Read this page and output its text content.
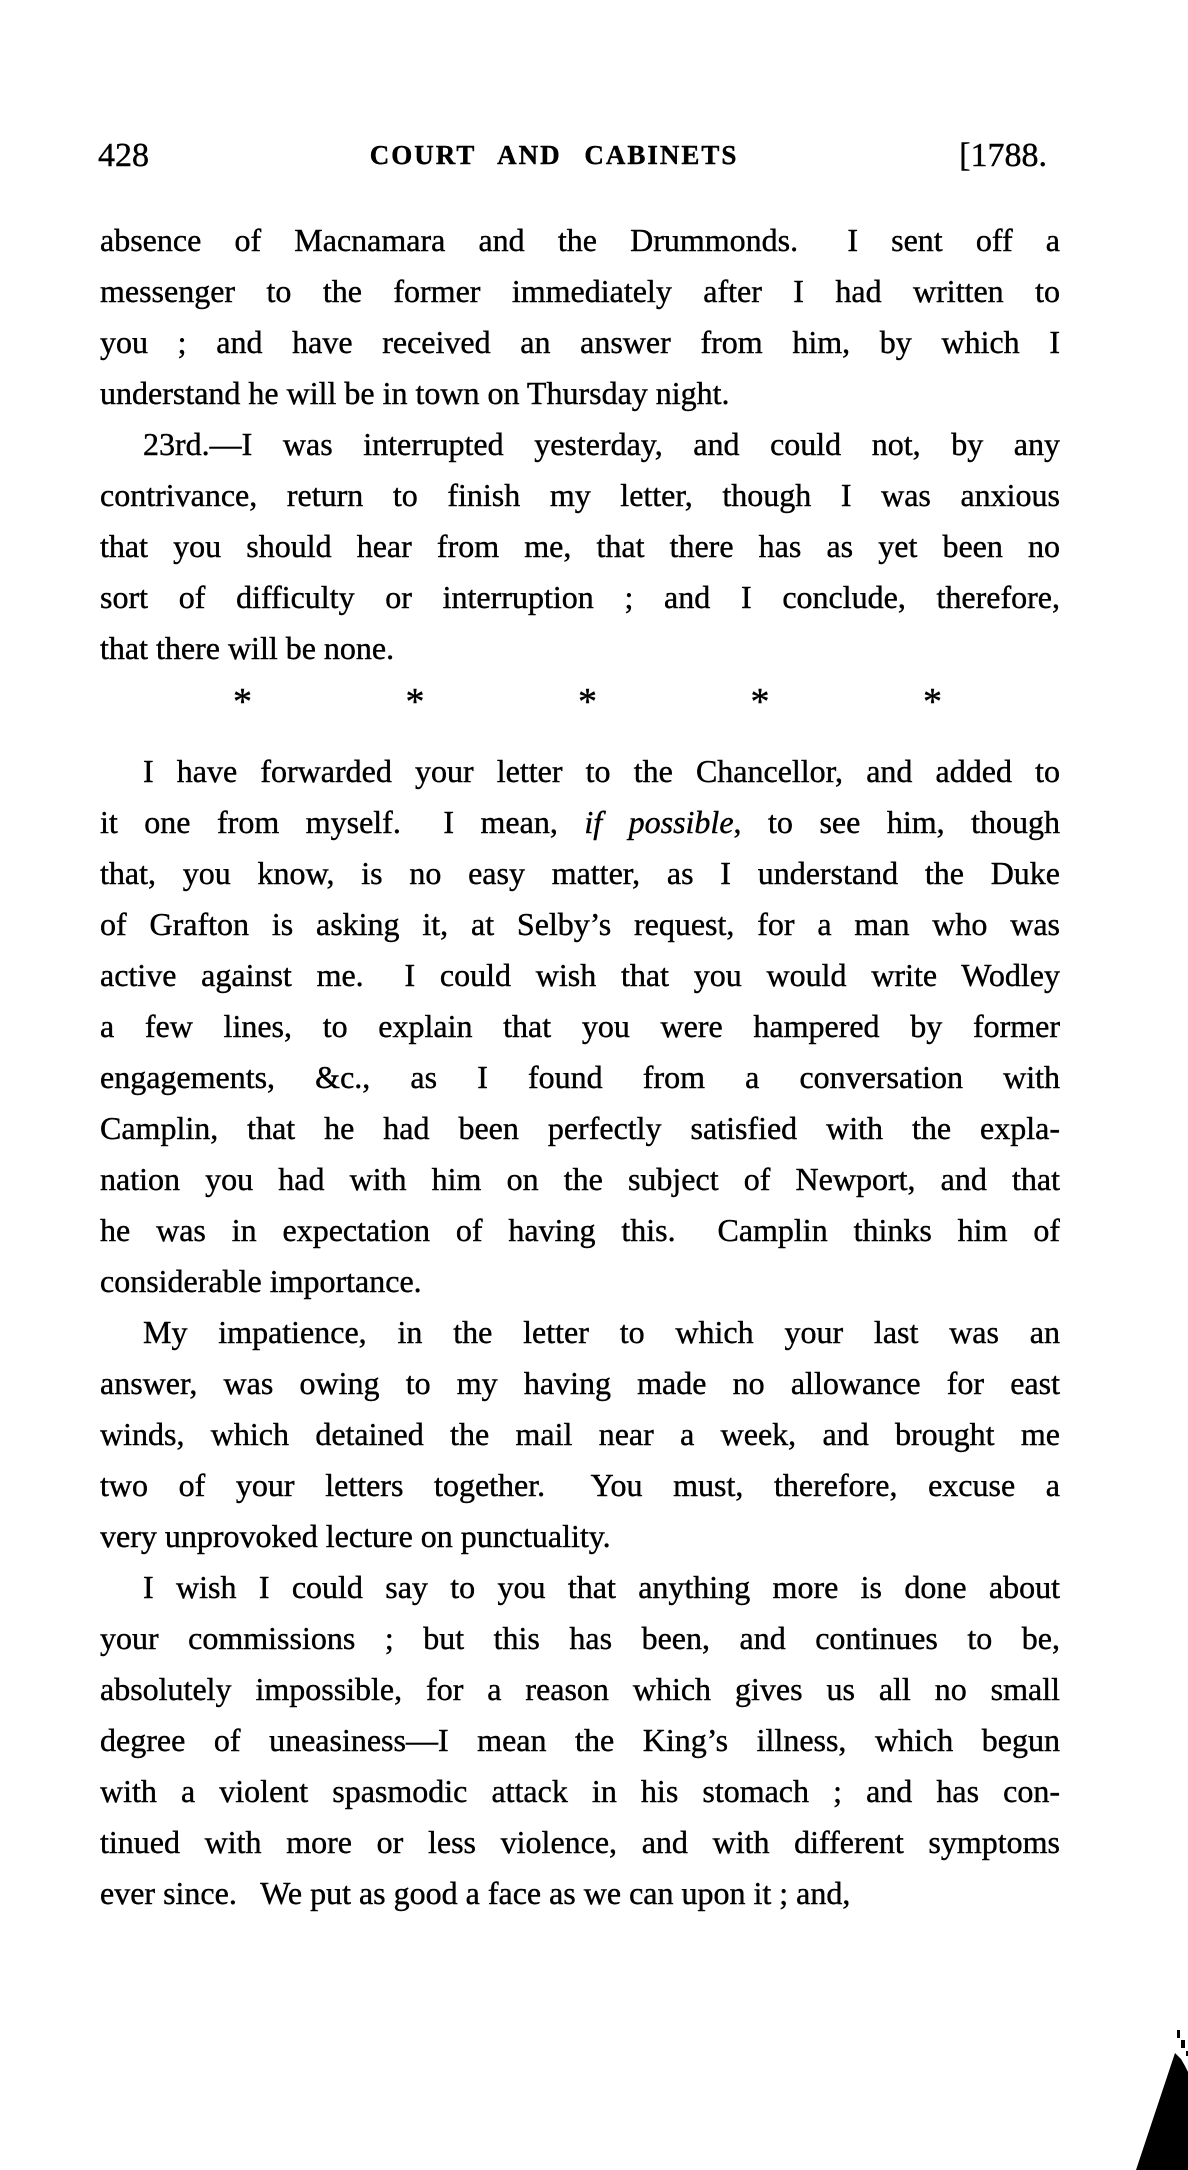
428	COURT AND CABINETS	[1788.
absence of Macnamara and the Drummonds.  I sent off a
messenger to the former immediately after I had written to
you ; and have received an answer from him, by which I
understand he will be in town on Thursday night.
23rd.—I was interrupted yesterday, and could not, by any
contrivance, return to finish my letter, though I was anxious
that you should hear from me, that there has as yet been no
sort of difficulty or interruption ; and I conclude, therefore,
that there will be none.
*	*	*	*	*
I have forwarded your letter to the Chancellor, and added to
it one from myself.  I mean, if possible, to see him, though
that, you know, is no easy matter, as I understand the Duke
of Grafton is asking it, at Selby’s request, for a man who was
active against me.  I could wish that you would write Wodley
a few lines, to explain that you were hampered by former
engagements, &c., as I found from a conversation with
Camplin, that he had been perfectly satisfied with the expla-
nation you had with him on the subject of Newport, and that
he was in expectation of having this.  Camplin thinks him of
considerable importance.
My impatience, in the letter to which your last was an
answer, was owing to my having made no allowance for east
winds, which detained the mail near a week, and brought me
two of your letters together.  You must, therefore, excuse a
very unprovoked lecture on punctuality.
I wish I could say to you that anything more is done about
your commissions ; but this has been, and continues to be,
absolutely impossible, for a reason which gives us all no small
degree of uneasiness—I mean the King’s illness, which begun
with a violent spasmodic attack in his stomach ; and has con-
tinued with more or less violence, and with different symptoms
ever since.  We put as good a face as we can upon it ; and,
